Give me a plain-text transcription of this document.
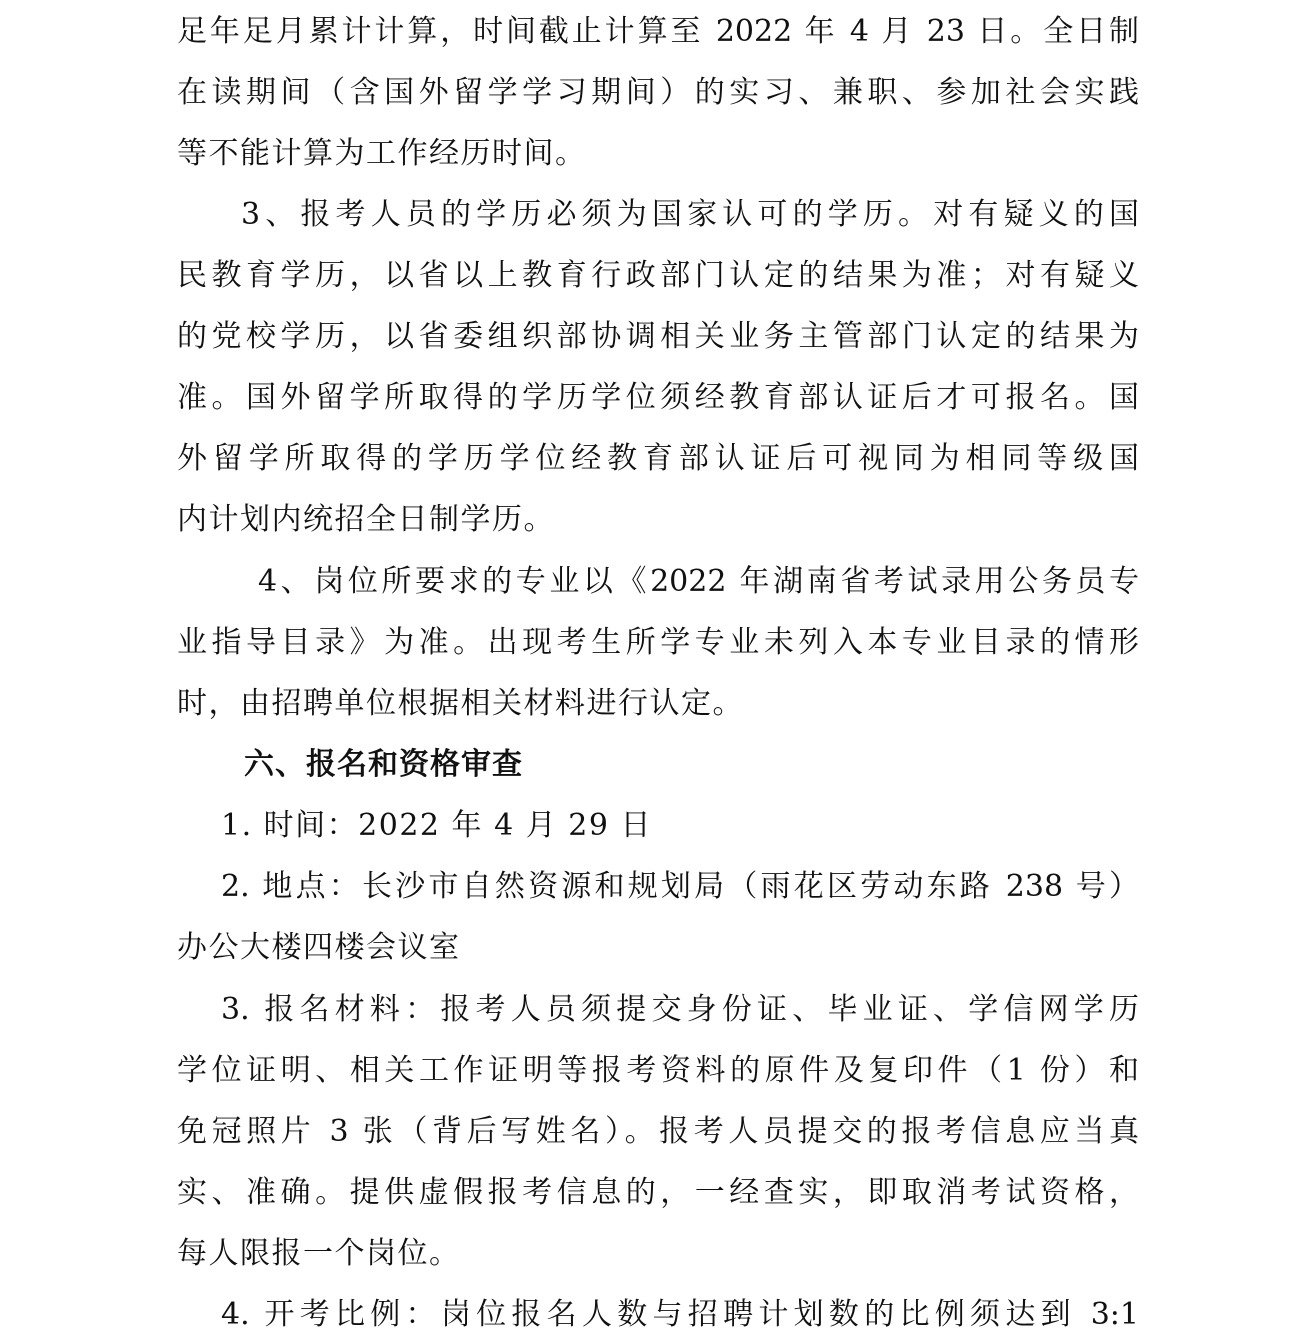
足年足月累计计算，时间截止计算至 2022 年 4 月 23 日。全日制
在读期间（含国外留学学习期间）的实习、兼职、参加社会实践
等不能计算为工作经历时间。
3、报考人员的学历必须为国家认可的学历。对有疑义的国
民教育学历，以省以上教育行政部门认定的结果为准；对有疑义
的党校学历，以省委组织部协调相关业务主管部门认定的结果为
准。国外留学所取得的学历学位须经教育部认证后才可报名。国
外留学所取得的学历学位经教育部认证后可视同为相同等级国
内计划内统招全日制学历。
4、岗位所要求的专业以《2022 年湖南省考试录用公务员专
业指导目录》为准。出现考生所学专业未列入本专业目录的情形
时，由招聘单位根据相关材料进行认定。
六、报名和资格审查
1. 时间：2022 年 4 月 29 日
2. 地点：长沙市自然资源和规划局（雨花区劳动东路 238 号）
办公大楼四楼会议室
3. 报名材料：报考人员须提交身份证、毕业证、学信网学历
学位证明、相关工作证明等报考资料的原件及复印件（1 份）和
免冠照片 3 张（背后写姓名）。报考人员提交的报考信息应当真
实、准确。提供虚假报考信息的，一经查实，即取消考试资格，
每人限报一个岗位。
4. 开考比例：岗位报名人数与招聘计划数的比例须达到 3:1
